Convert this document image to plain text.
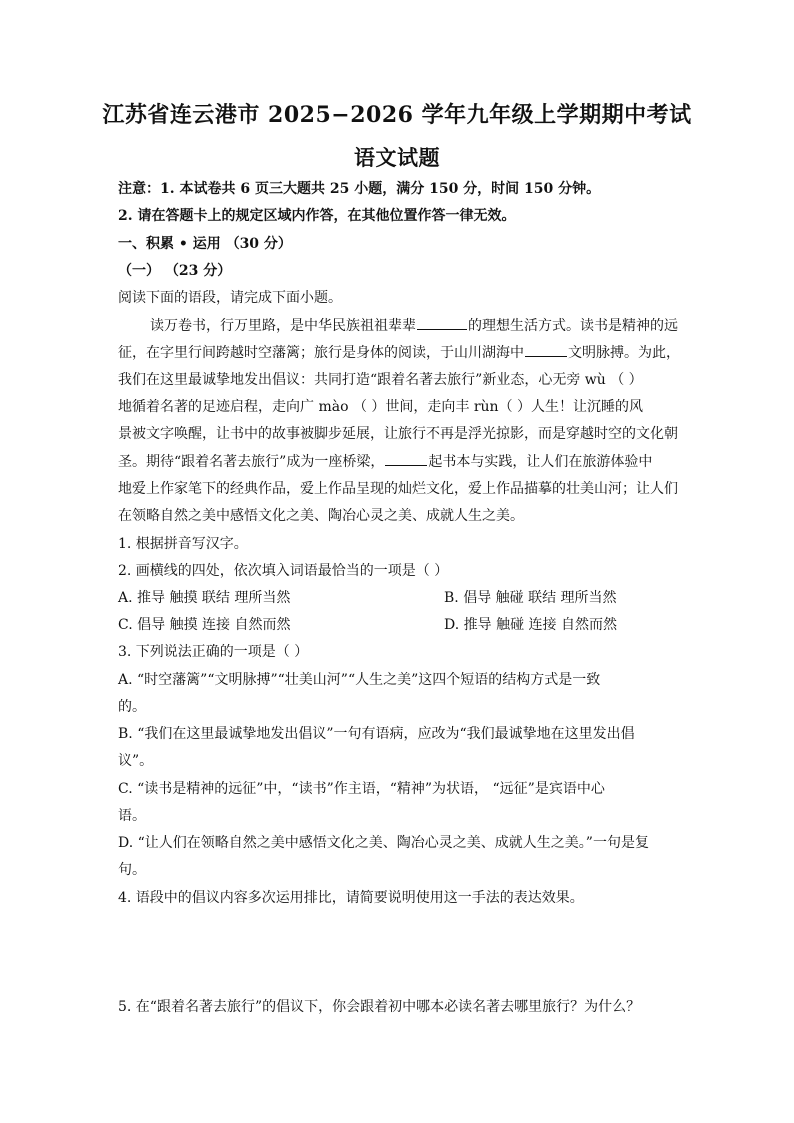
江苏省连云港市 2025−2026 学年九年级上学期期中考试
语文试题
注意：1. 本试卷共 6 页三大题共 25 小题，满分 150 分，时间 150 分钟。
2. 请在答题卡上的规定区域内作答，在其他位置作答一律无效。
一、积累 • 运用 （30 分）
（一） （23 分）
阅读下面的语段，请完成下面小题。
读万卷书，行万里路，是中华民族祖祖辈辈	的理想生活方式。读书是精神的远
征，在字里行间跨越时空藩篱；旅行是身体的阅读，于山川湖海中	文明脉搏。为此，
我们在这里最诚挚地发出倡议：共同打造“跟着名著去旅行”新业态，心无旁 wù （ ）
地循着名著的足迹启程，走向广 mào （ ）世间，走向丰 rùn（ ）人生！让沉睡的风
景被文字唤醒，让书中的故事被脚步延展，让旅行不再是浮光掠影，而是穿越时空的文化朝
圣。期待“跟着名著去旅行”成为一座桥梁，	起书本与实践，让人们在旅游体验中
地爱上作家笔下的经典作品，爱上作品呈现的灿烂文化，爱上作品描摹的壮美山河；让人们
在领略自然之美中感悟文化之美、陶冶心灵之美、成就人生之美。
1. 根据拼音写汉字。
2. 画横线的四处，依次填入词语最恰当的一项是（ ）
A. 推导 触摸 联结 理所当然	B. 倡导 触碰 联结 理所当然
C. 倡导 触摸 连接 自然而然	D. 推导 触碰 连接 自然而然
3. 下列说法正确的一项是（ ）
A. “时空藩篱”“文明脉搏”“壮美山河”“人生之美”这四个短语的结构方式是一致
的。
B. “我们在这里最诚挚地发出倡议”一句有语病，应改为“我们最诚挚地在这里发出倡
议”。
C. “读书是精神的远征”中，“读书”作主语，“精神”为状语， “远征”是宾语中心
语。
D. “让人们在领略自然之美中感悟文化之美、陶冶心灵之美、成就人生之美。”一句是复
句。
4. 语段中的倡议内容多次运用排比，请简要说明使用这一手法的表达效果。
5. 在“跟着名著去旅行”的倡议下，你会跟着初中哪本必读名著去哪里旅行？为什么？
